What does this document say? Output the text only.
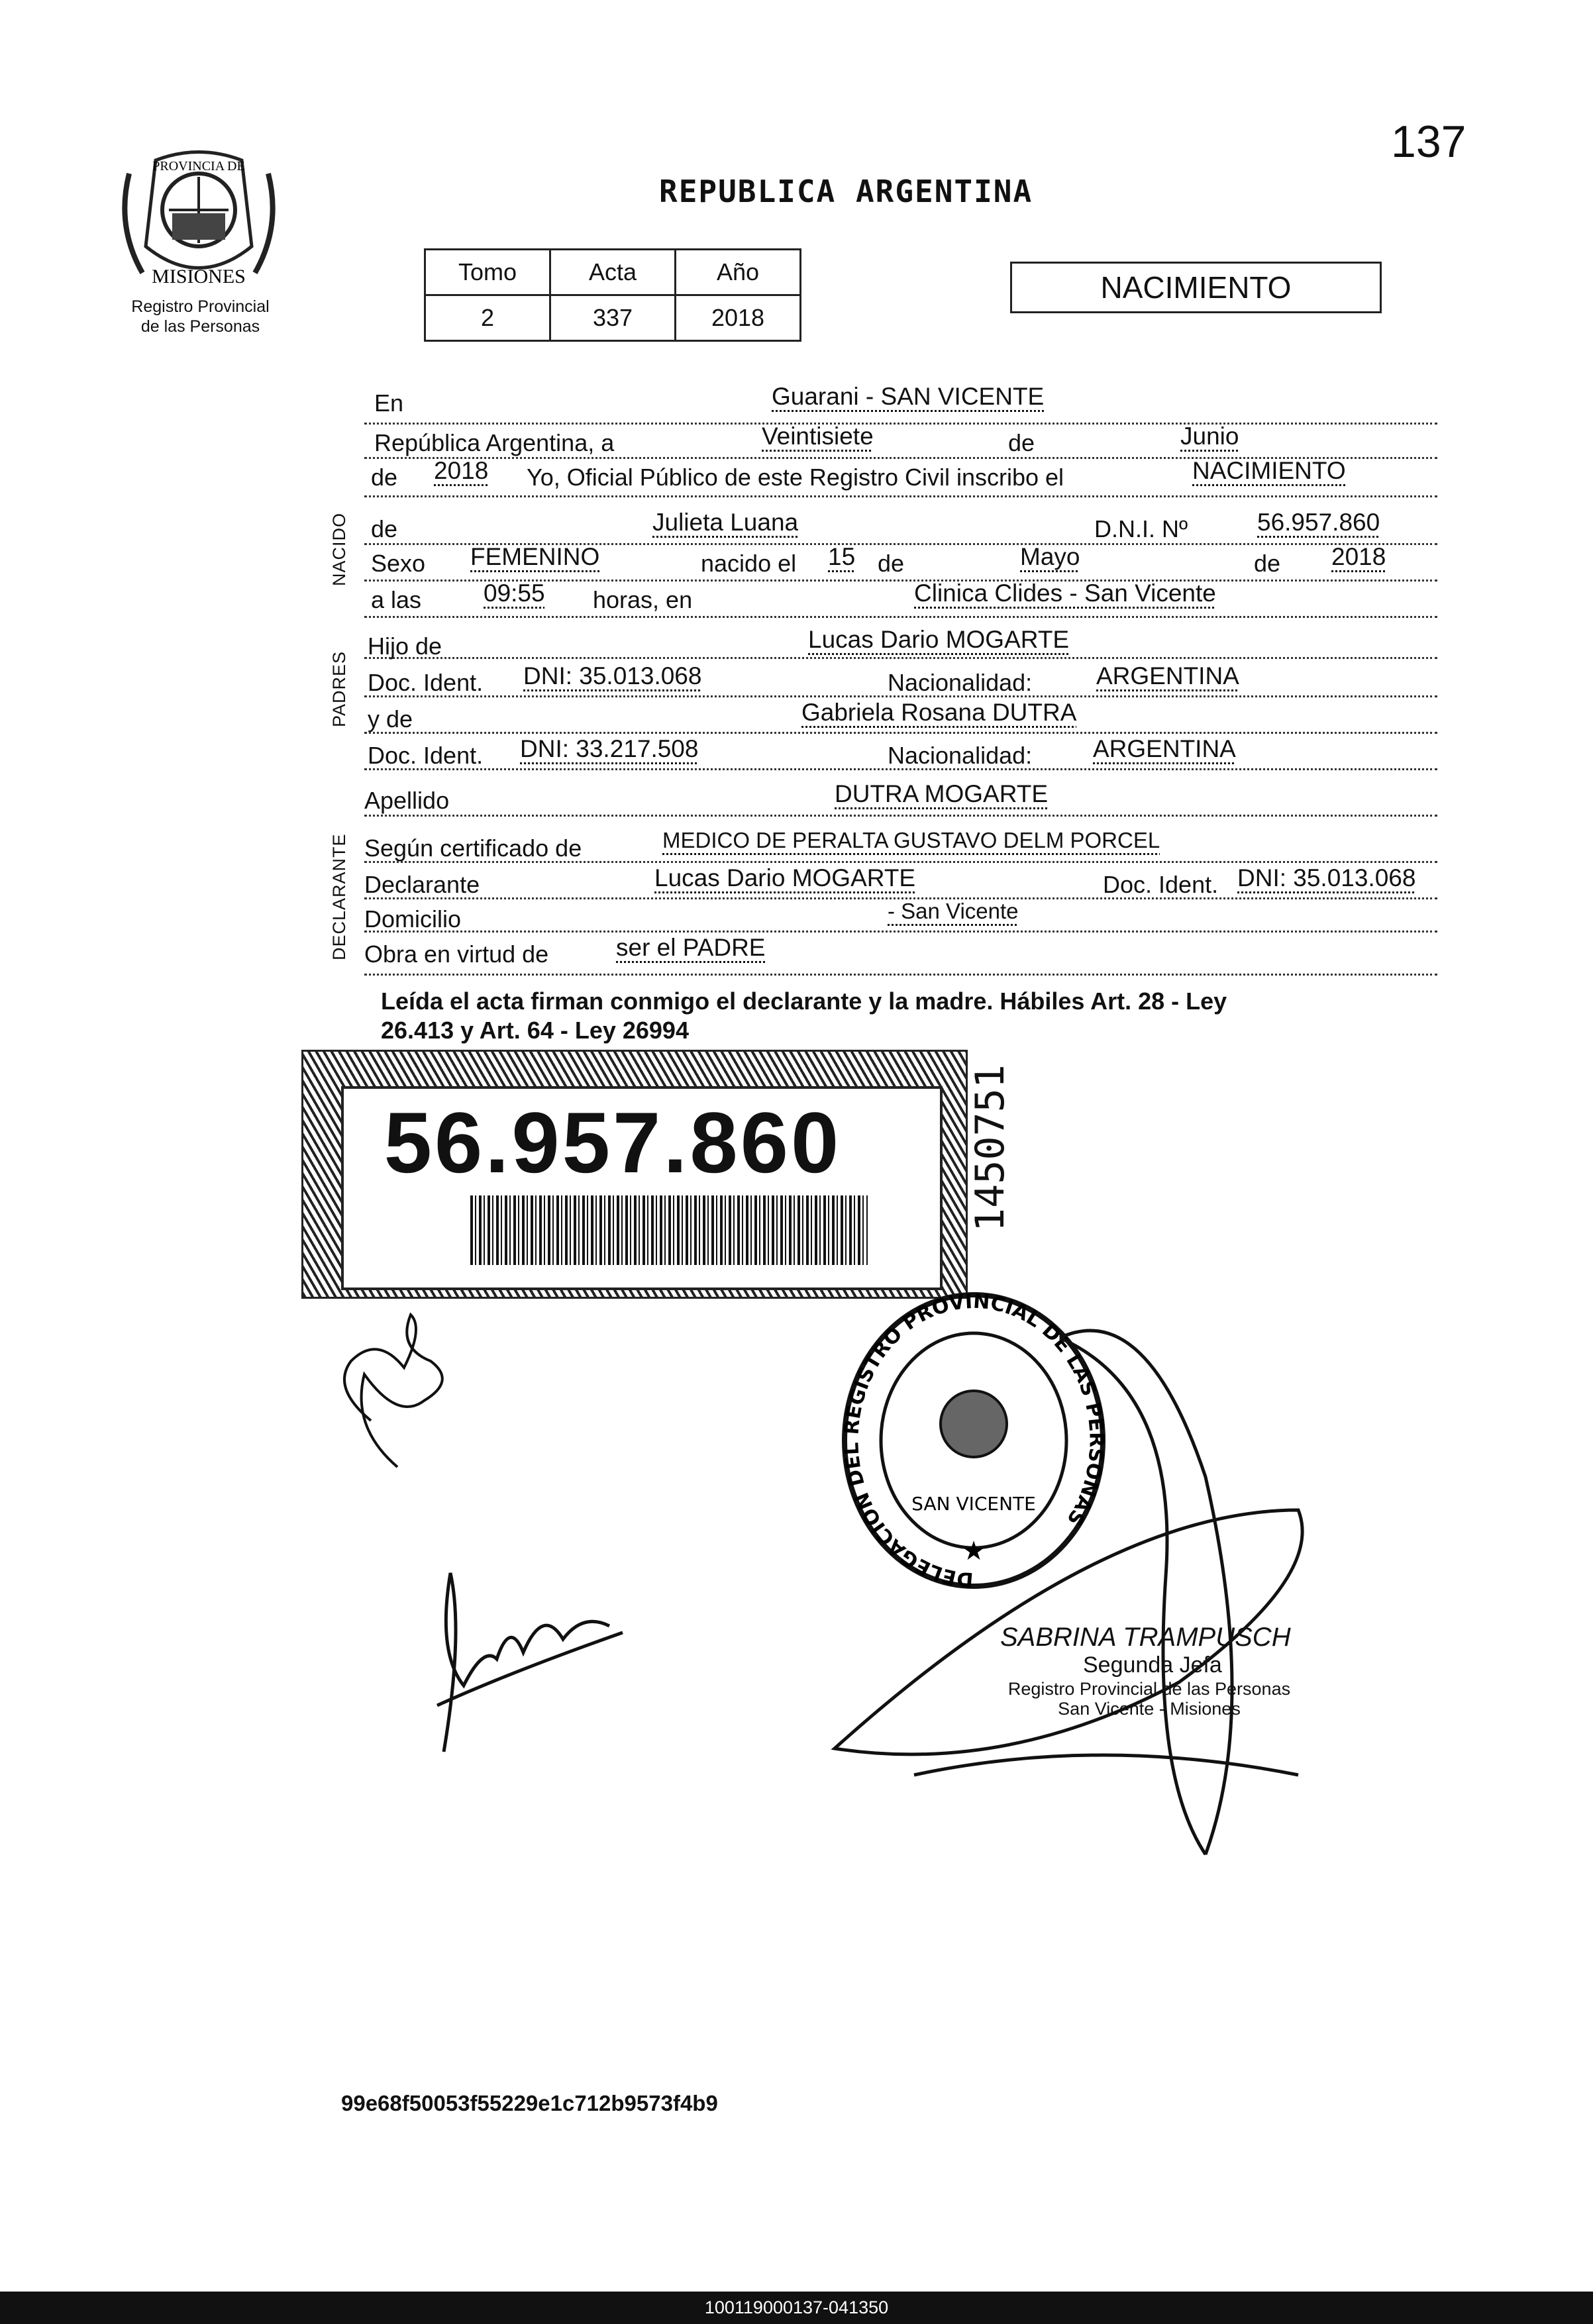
137
REPUBLICA ARGENTINA
PROVINCIA DE
MISIONES
Registro Provincial
de las Personas
Tomo	Acta	Año
2	337	2018
NACIMIENTO
NACIDO
PADRES
DECLARANTE
En	Guarani - SAN VICENTE
República Argentina, a	Veintisiete	de	Junio
de 2018 Yo, Oficial Público de este Registro Civil inscribo el	NACIMIENTO
de	Julieta Luana	D.N.I. Nº	56.957.860
Sexo FEMENINO	nacido el 15 de	Mayo	de 2018
a las	09:55 horas, en	Clinica Clides - San Vicente
Hijo de	Lucas Dario MOGARTE
Doc. Ident. DNI: 35.013.068	Nacionalidad:	ARGENTINA
y de	Gabriela Rosana DUTRA
Doc. Ident. DNI: 33.217.508	Nacionalidad: ARGENTINA
Apellido	DUTRA MOGARTE
Según certificado de	MEDICO DE PERALTA GUSTAVO DELM PORCEL
Declarante	Lucas Dario MOGARTE	Doc. Ident. DNI: 35.013.068
Domicilio	- San Vicente
Obra en virtud de	ser el PADRE
Leída el acta firman conmigo el declarante y la madre. Hábiles Art. 28 - Ley
26.413 y Art. 64 - Ley 26994
56.957.860	1450751
DELEGACION DEL REGISTRO PROVINCIAL DE LAS PERSONAS
SAN VICENTE
★
SABRINA TRAMPUSCH
Segunda Jefa
Registro Provincial de las Personas
San Vicente - Misiones
99e68f50053f55229e1c712b9573f4b9
100119000137-041350
